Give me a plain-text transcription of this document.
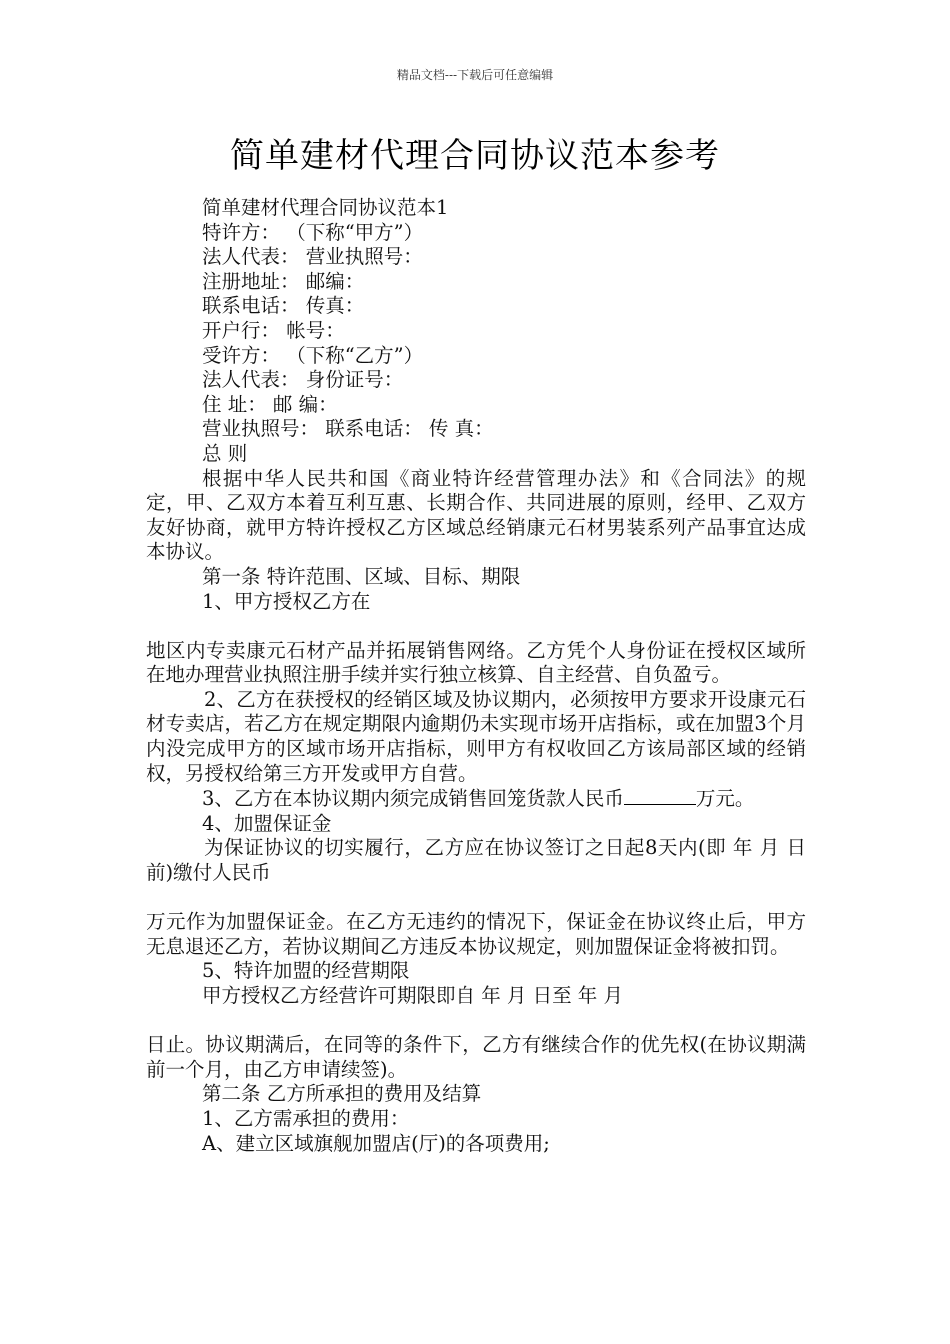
精品文档---下载后可任意编辑
简单建材代理合同协议范本参考

简单建材代理合同协议范本1

特许方： （下称“甲方”）

法人代表： 营业执照号：

注册地址： 邮编：

联系电话： 传真：

开户行： 帐号：

受许方： （下称“乙方”）

法人代表： 身份证号：

住 址： 邮 编：

营业执照号： 联系电话： 传 真：

总 则

根据中华人民共和国《商业特许经营管理办法》和《合同法》的规定，甲、乙双方本着互利互惠、长期合作、共同进展的原则，经甲、乙双方友好协商，就甲方特许授权乙方区域总经销康元石材男装系列产品事宜达成本协议。

第一条 特许范围、区域、目标、期限

1、甲方授权乙方在

地区内专卖康元石材产品并拓展销售网络。乙方凭个人身份证在授权区域所在地办理营业执照注册手续并实行独立核算、自主经营、自负盈亏。

2、乙方在获授权的经销区域及协议期内，必须按甲方要求开设康元石材专卖店，若乙方在规定期限内逾期仍未实现市场开店指标，或在加盟3个月内没完成甲方的区域市场开店指标，则甲方有权收回乙方该局部区域的经销权，另授权给第三方开发或甲方自营。

3、乙方在本协议期内须完成销售回笼货款人民币	万元。

4、加盟保证金

为保证协议的切实履行，乙方应在协议签订之日起8天内(即 年 月 日前)缴付人民币

万元作为加盟保证金。在乙方无违约的情况下，保证金在协议终止后，甲方无息退还乙方，若协议期间乙方违反本协议规定，则加盟保证金将被扣罚。

5、特许加盟的经营期限

甲方授权乙方经营许可期限即自 年 月 日至 年 月

日止。协议期满后，在同等的条件下，乙方有继续合作的优先权(在协议期满前一个月，由乙方申请续签)。

第二条 乙方所承担的费用及结算

1、乙方需承担的费用：

A、建立区域旗舰加盟店(厅)的各项费用;
